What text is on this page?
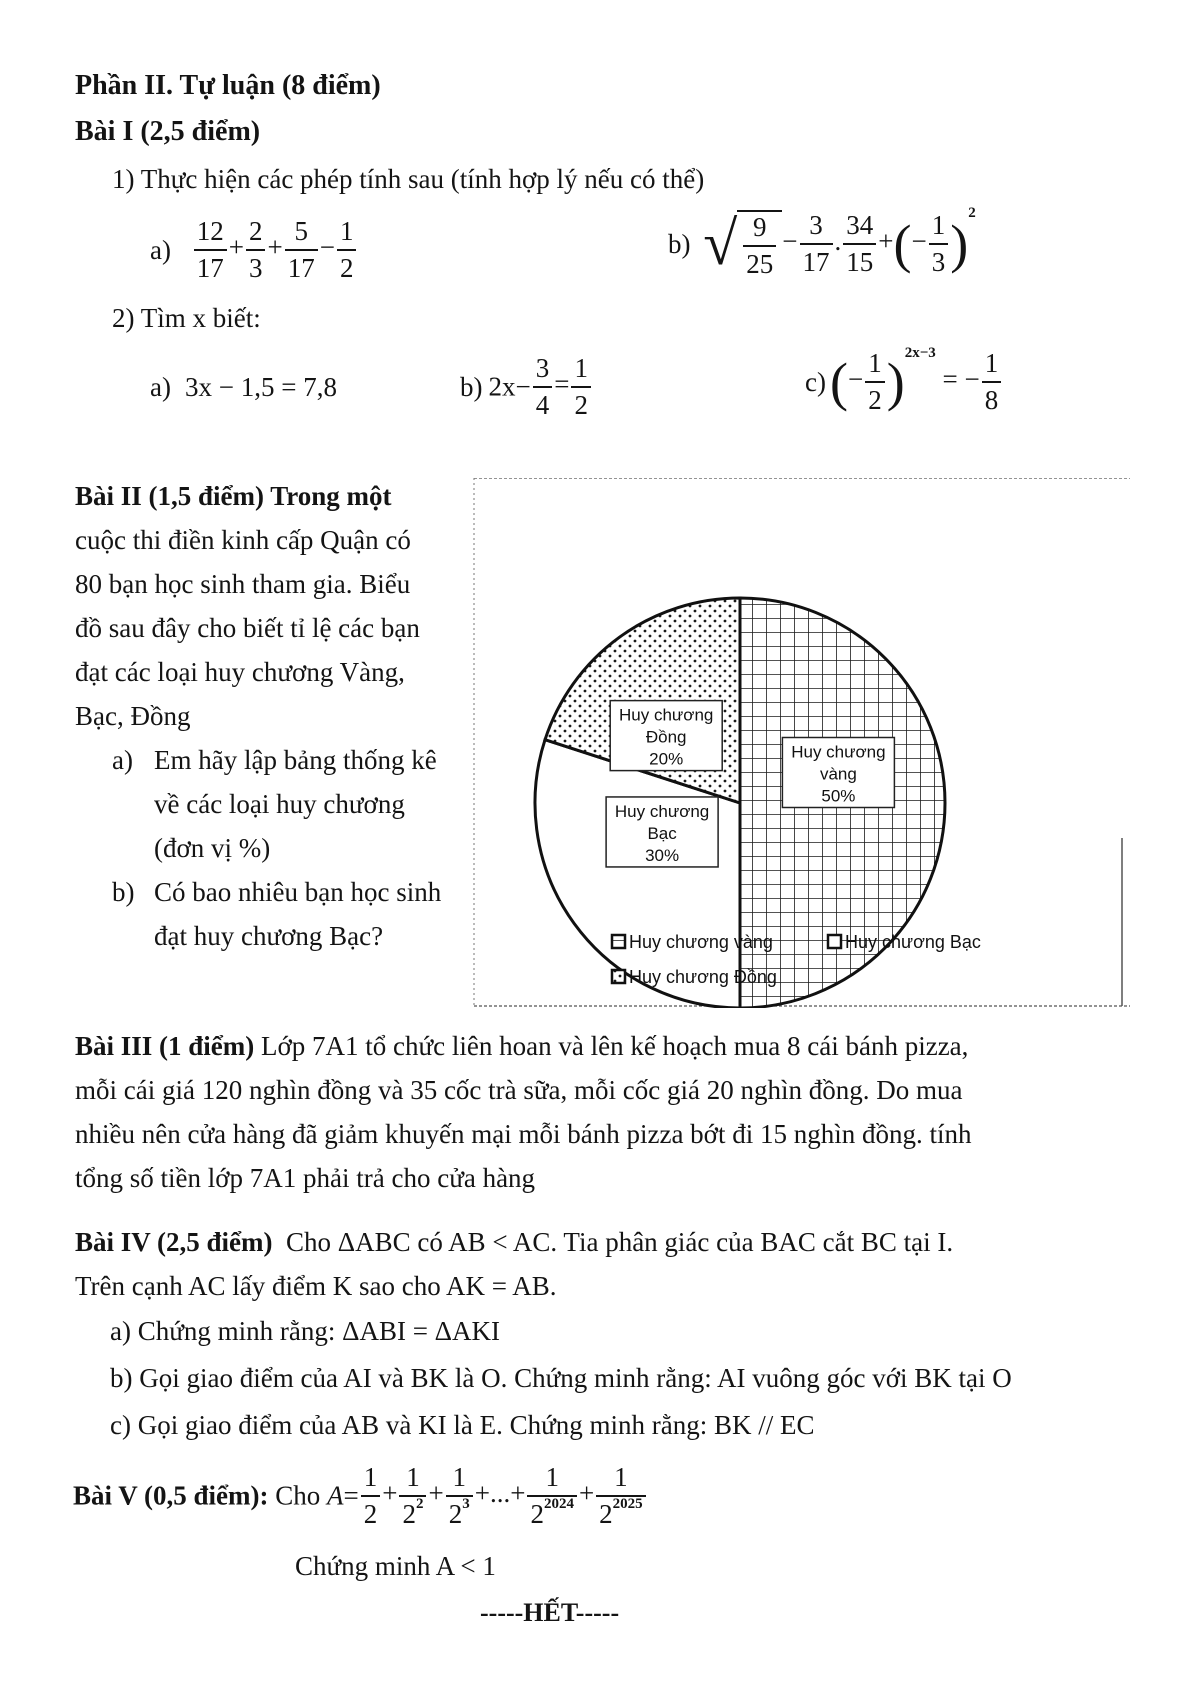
Phần II. Tự luận (8 điểm)
Bài I (2,5 điểm)
1) Thực hiện các phép tính sau (tính hợp lý nếu có thể)
$a) \frac{12}{17} + \frac{2}{3} + \frac{5}{17} - \frac{1}{2}$	b) √ $\frac{9}{25} - \frac{3}{17}$ . $\frac{34}{15}$ +(− $\frac{1}{3} )^2$
2) Tìm x biết:
a) 3x − 1,5 = 7,8	b) $2x- \frac{3}{4} = \frac{1}{2}$	$c)(- \frac{1}{2} )^{2x-3}$ = − $\frac{1}{8}$
Bài II (1,5 điểm) Trong một
cuộc thi điền kinh cấp Quận có
80 bạn học sinh tham gia. Biểu
đồ sau đây cho biết tỉ lệ các bạn
đạt các loại huy chương Vàng,
Bạc, Đồng
a) Em hãy lập bảng thống kê
về các loại huy chương
(đơn vị %)
b) Có bao nhiêu bạn học sinh
đạt huy chương Bạc?
Huy chương
vàng
50%
Huy chương
Bạc
30%
Huy chương
Đồng
20%
Huy chương vàng	Huy chương Bạc
Huy chương Đồng
Bài III (1 điểm) Lớp 7A1 tổ chức liên hoan và lên kế hoạch mua 8 cái bánh pizza,
mỗi cái giá 120 nghìn đồng và 35 cốc trà sữa, mỗi cốc giá 20 nghìn đồng. Do mua
nhiều nên cửa hàng đã giảm khuyến mại mỗi bánh pizza bớt đi 15 nghìn đồng. tính
tổng số tiền lớp 7A1 phải trả cho cửa hàng
Bài IV (2,5 điểm) Cho ΔABC có AB < AC. Tia phân giác của BAC cắt BC tại I.
Trên cạnh AC lấy điểm K sao cho AK = AB.
a) Chứng minh rằng: ΔABI = ΔAKI
b) Gọi giao điểm của AI và BK là O. Chứng minh rằng: AI vuông góc với BK tại O
c) Gọi giao điểm của AB và KI là E. Chứng minh rằng: BK // EC
Bài V (0,5 điểm): Cho $A= \frac{1}{2} + \frac{1}{2^2} + \frac{1}{2^3}$ +...+ $\frac{1}{2^{2024}} + \frac{1}{2^{2025}}$
Chứng minh A < 1
-----HẾT-----
